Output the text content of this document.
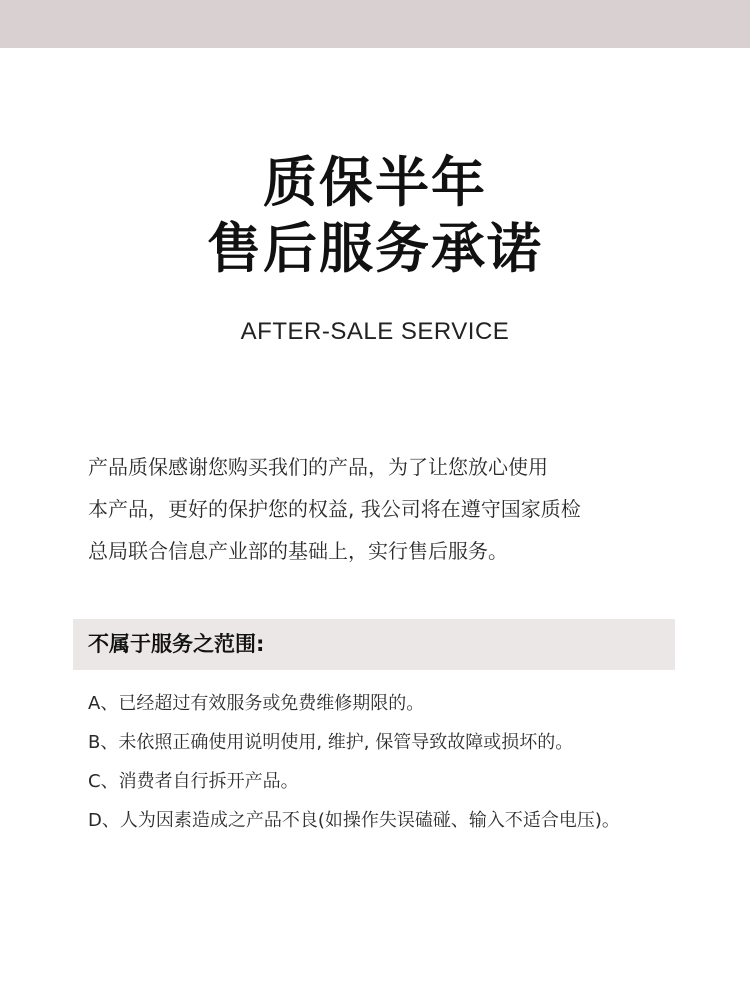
质保半年
售后服务承诺
AFTER-SALE SERVICE
产品质保感谢您购买我们的产品，为了让您放心使用
本产品，更好的保护您的权益, 我公司将在遵守国家质检
总局联合信息产业部的基础上，实行售后服务。
不属于服务之范围:
A、已经超过有效服务或免费维修期限的。
B、未依照正确使用说明使用, 维护, 保管导致故障或损坏的。
C、消费者自行拆开产品。
D、人为因素造成之产品不良(如操作失误磕碰、输入不适合电压)。
